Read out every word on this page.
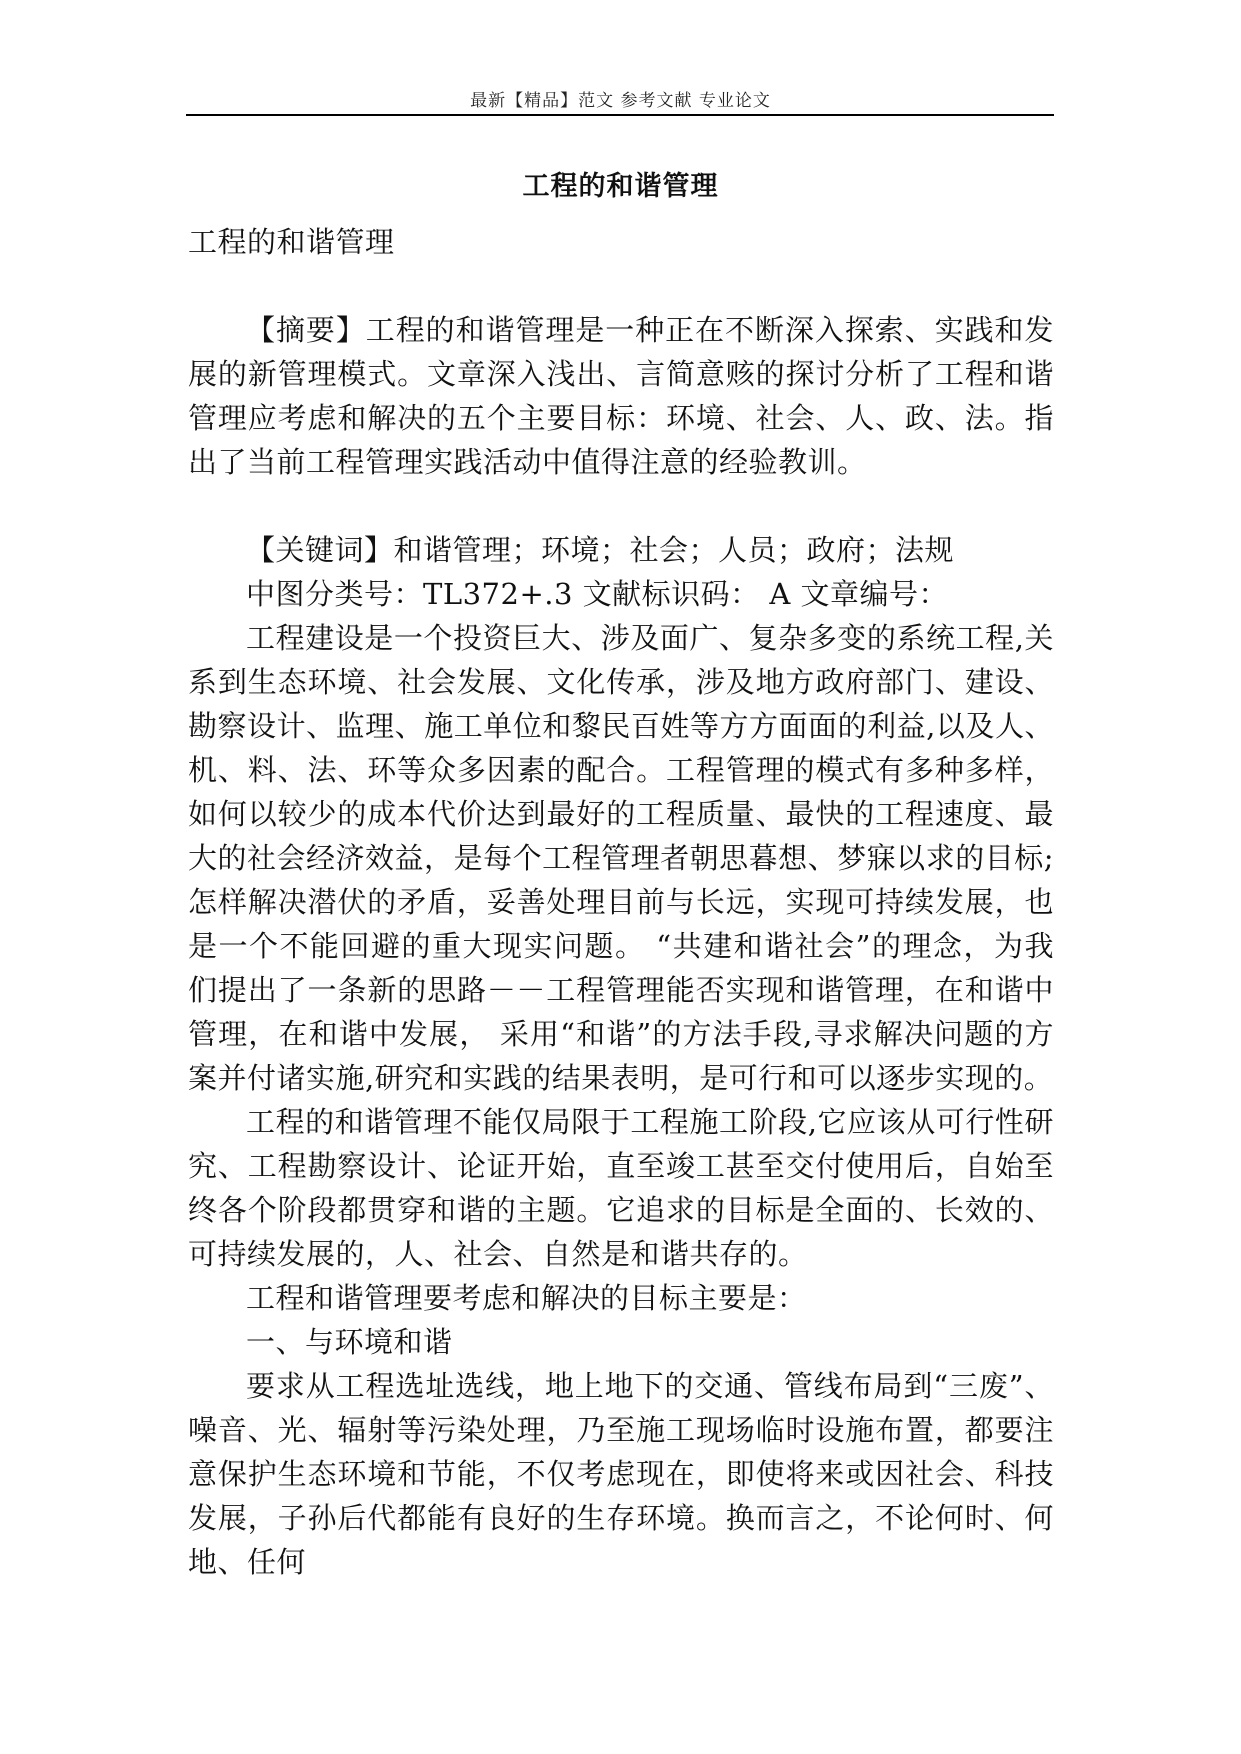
最新【精品】范文 参考文献 专业论文
工程的和谐管理

工程的和谐管理

【摘要】工程的和谐管理是一种正在不断深入探索、实践和发展的新管理模式。文章深入浅出、言简意赅的探讨分析了工程和谐管理应考虑和解决的五个主要目标：环境、社会、人、政、法。指出了当前工程管理实践活动中值得注意的经验教训。

【关键词】和谐管理；环境；社会；人员；政府；法规

中图分类号：TL372+.3 文献标识码： A 文章编号：

工程建设是一个投资巨大、涉及面广、复杂多变的系统工程,关系到生态环境、社会发展、文化传承，涉及地方政府部门、建设、勘察设计、监理、施工单位和黎民百姓等方方面面的利益,以及人、机、料、法、环等众多因素的配合。工程管理的模式有多种多样，如何以较少的成本代价达到最好的工程质量、最快的工程速度、最大的社会经济效益，是每个工程管理者朝思暮想、梦寐以求的目标;怎样解决潜伏的矛盾，妥善处理目前与长远，实现可持续发展，也是一个不能回避的重大现实问题。 “共建和谐社会”的理念，为我们提出了一条新的思路－－工程管理能否实现和谐管理，在和谐中管理，在和谐中发展， 采用“和谐”的方法手段,寻求解决问题的方案并付诸实施,研究和实践的结果表明，是可行和可以逐步实现的。

工程的和谐管理不能仅局限于工程施工阶段,它应该从可行性研究、工程勘察设计、论证开始，直至竣工甚至交付使用后，自始至终各个阶段都贯穿和谐的主题。它追求的目标是全面的、长效的、可持续发展的，人、社会、自然是和谐共存的。

工程和谐管理要考虑和解决的目标主要是：

一、与环境和谐

要求从工程选址选线，地上地下的交通、管线布局到“三废”、噪音、光、辐射等污染处理，乃至施工现场临时设施布置，都要注意保护生态环境和节能，不仅考虑现在，即使将来或因社会、科技发展，子孙后代都能有良好的生存环境。换而言之，不论何时、何地、任何
